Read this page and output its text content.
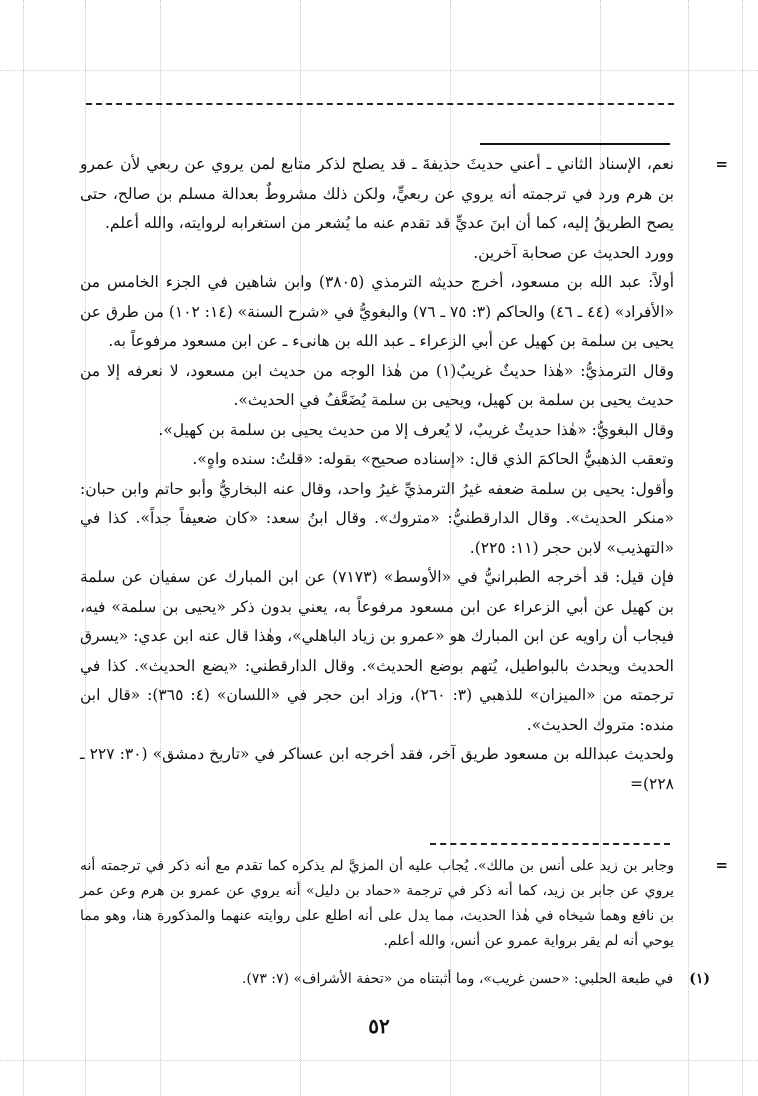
=

نعم، الإسناد الثاني ـ أعني حديثَ حذيفةَ ـ قد يصلح لذكر متابع لمن يروي عن ربعي لأن عمرو بن هرم ورد في ترجمته أنه يروي عن ربعيٍّ، ولكن ذلك مشروطٌ بعدالة مسلم بن صالح، حتى يصح الطريقُ إليه، كما أن ابنَ عديٍّ قد تقدم عنه ما يُشعر من استغرابه لروايته، والله أعلم.

وورد الحديث عن صحابة آخرين.

أولاً: عبد الله بن مسعود، أخرج حديثه الترمذي (٣٨٠٥) وابن شاهين في الجزء الخامس من «الأفراد» (٤٤ ـ ٤٦) والحاكم (٣: ٧٥ ـ ٧٦) والبغويُّ في «شرح السنة» (١٤: ١٠٢) من طرق عن يحيى بن سلمة بن كهيل عن أبي الزعراء ـ عبد الله بن هانىء ـ عن ابن مسعود مرفوعاً به.

وقال الترمذيُّ: «هٰذا حديثٌ غريبٌ(١) من هٰذا الوجه من حديث ابن مسعود، لا نعرفه إلا من حديث يحيى بن سلمة بن كهيل، ويحيى بن سلمة يُضَعَّفُ في الحديث».

وقال البغويُّ: «هٰذا حديثٌ غريبٌ، لا يُعرف إلا من حديث يحيى بن سلمة بن كهيل».

وتعقب الذهبيُّ الحاكمَ الذي قال: «إسناده صحيح» بقوله: «قلتُ: سنده واهٍ».

وأقول: يحيى بن سلمة ضعفه غيرُ الترمذيِّ غيرُ واحد، وقال عنه البخاريُّ وأبو حاتم وابن حبان: «منكر الحديث». وقال الدارقطنيُّ: «متروك». وقال ابنُ سعد: «كان ضعيفاً جداً». كذا في «التهذيب» لابن حجر (١١: ٢٢٥).

فإن قيل: قد أخرجه الطبرانيُّ في «الأوسط» (٧١٧٣) عن ابن المبارك عن سفيان عن سلمة بن كهيل عن أبي الزعراء عن ابن مسعود مرفوعاً به، يعني بدون ذكر «يحيى بن سلمة» فيه، فيجاب أن راويه عن ابن المبارك هو «عمرو بن زياد الباهلي»، وهٰذا قال عنه ابن عدي: «يسرق الحديث ويحدث بالبواطيل، يُتهم بوضع الحديث». وقال الدارقطني: «يضع الحديث». كذا في ترجمته من «الميزان» للذهبي (٣: ٢٦٠)، وزاد ابن حجر في «اللسان» (٤: ٣٦٥): «قال ابن منده: متروك الحديث».

ولحديث عبدالله بن مسعود طريق آخر، فقد أخرجه ابن عساكر في «تاريخ دمشق» (٣٠: ٢٢٧ ـ ٢٢٨)=

=

وجابر بن زيد على أنس بن مالك». يُجاب عليه أن المزيَّ لم يذكره كما تقدم مع أنه ذكر في ترجمته أنه يروي عن جابر بن زيد، كما أنه ذكر في ترجمة «حماد بن دليل» أنه يروي عن عمرو بن هرم وعن عمر بن نافع وهما شيخاه في هٰذا الحديث، مما يدل على أنه اطلع على روايته عنهما والمذكورة هنا، وهو مما يوحي أنه لم يقر برواية عمرو عن أنس، والله أعلم.

(١)في طبعة الحلبي: «حسن غريب»، وما أثبتناه من «تحفة الأشراف» (٧: ٧٣).
٥٢
